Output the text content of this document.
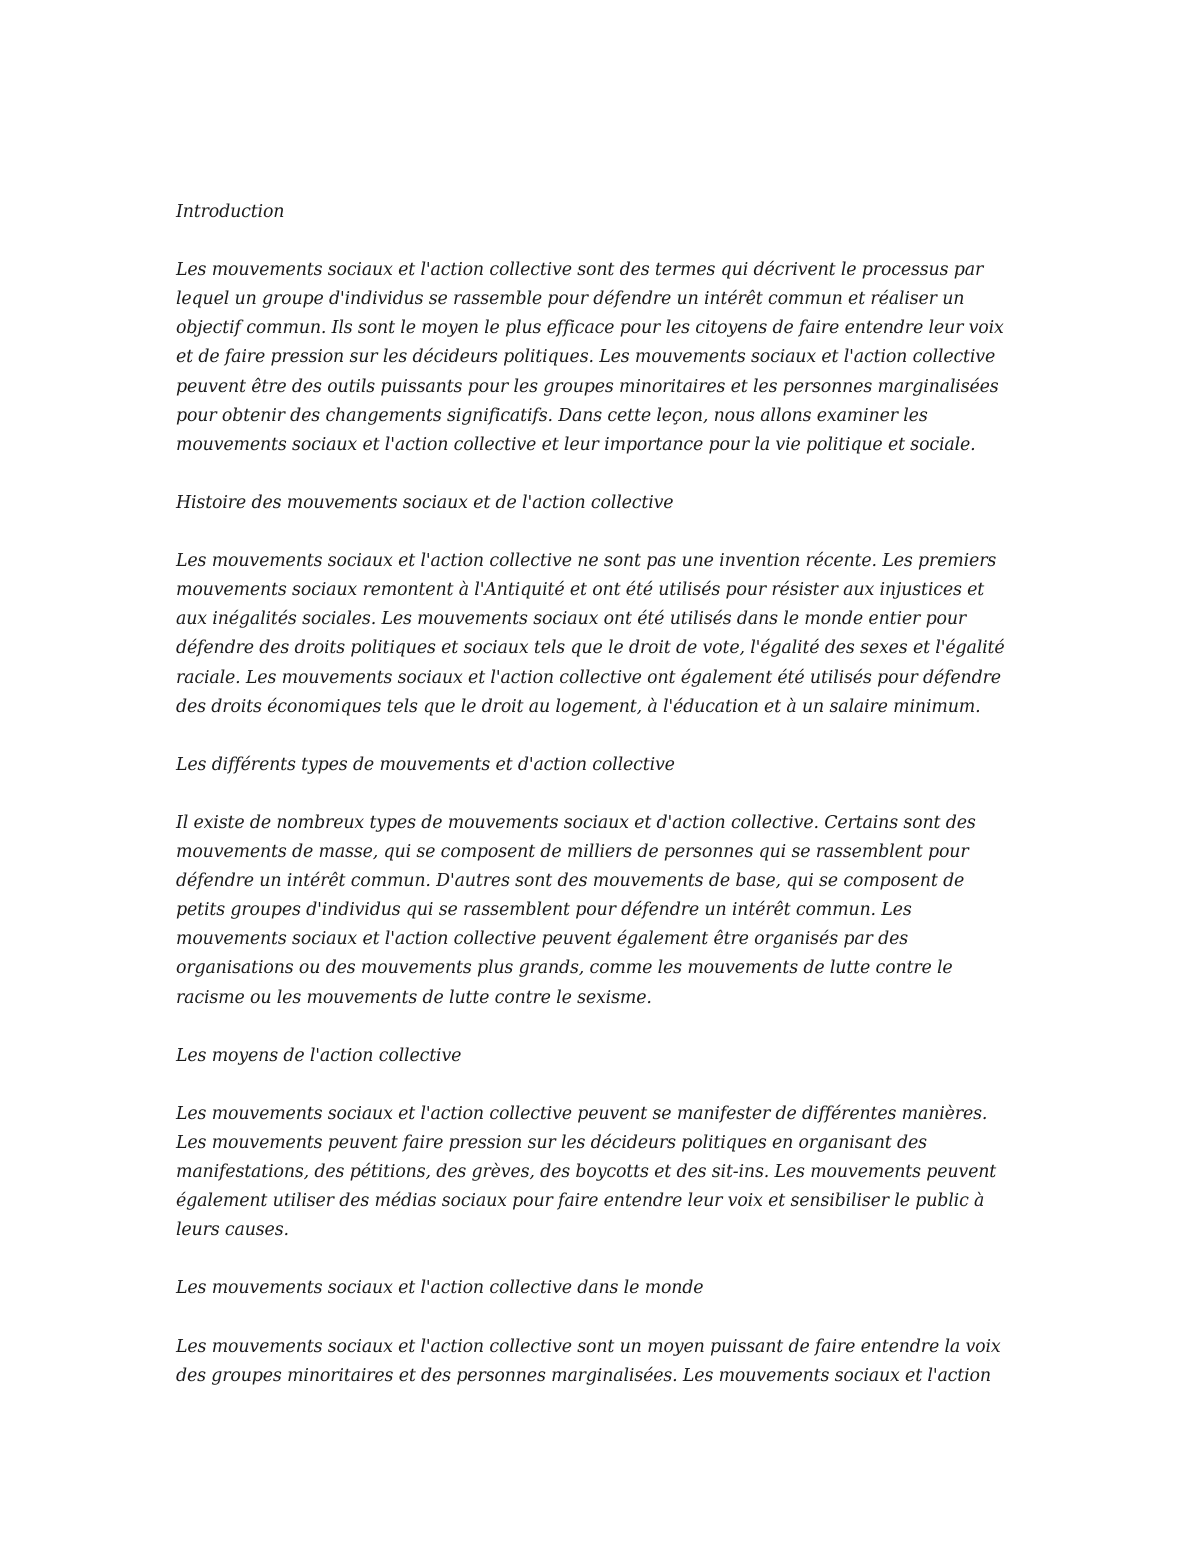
Introduction
Les mouvements sociaux et l'action collective sont des termes qui décrivent le processus par
lequel un groupe d'individus se rassemble pour défendre un intérêt commun et réaliser un
objectif commun. Ils sont le moyen le plus efficace pour les citoyens de faire entendre leur voix
et de faire pression sur les décideurs politiques. Les mouvements sociaux et l'action collective
peuvent être des outils puissants pour les groupes minoritaires et les personnes marginalisées
pour obtenir des changements significatifs. Dans cette leçon, nous allons examiner les
mouvements sociaux et l'action collective et leur importance pour la vie politique et sociale.
Histoire des mouvements sociaux et de l'action collective
Les mouvements sociaux et l'action collective ne sont pas une invention récente. Les premiers
mouvements sociaux remontent à l'Antiquité et ont été utilisés pour résister aux injustices et
aux inégalités sociales. Les mouvements sociaux ont été utilisés dans le monde entier pour
défendre des droits politiques et sociaux tels que le droit de vote, l'égalité des sexes et l'égalité
raciale. Les mouvements sociaux et l'action collective ont également été utilisés pour défendre
des droits économiques tels que le droit au logement, à l'éducation et à un salaire minimum.
Les différents types de mouvements et d'action collective
Il existe de nombreux types de mouvements sociaux et d'action collective. Certains sont des
mouvements de masse, qui se composent de milliers de personnes qui se rassemblent pour
défendre un intérêt commun. D'autres sont des mouvements de base, qui se composent de
petits groupes d'individus qui se rassemblent pour défendre un intérêt commun. Les
mouvements sociaux et l'action collective peuvent également être organisés par des
organisations ou des mouvements plus grands, comme les mouvements de lutte contre le
racisme ou les mouvements de lutte contre le sexisme.
Les moyens de l'action collective
Les mouvements sociaux et l'action collective peuvent se manifester de différentes manières.
Les mouvements peuvent faire pression sur les décideurs politiques en organisant des
manifestations, des pétitions, des grèves, des boycotts et des sit-ins. Les mouvements peuvent
également utiliser des médias sociaux pour faire entendre leur voix et sensibiliser le public à
leurs causes.
Les mouvements sociaux et l'action collective dans le monde
Les mouvements sociaux et l'action collective sont un moyen puissant de faire entendre la voix
des groupes minoritaires et des personnes marginalisées. Les mouvements sociaux et l'action
